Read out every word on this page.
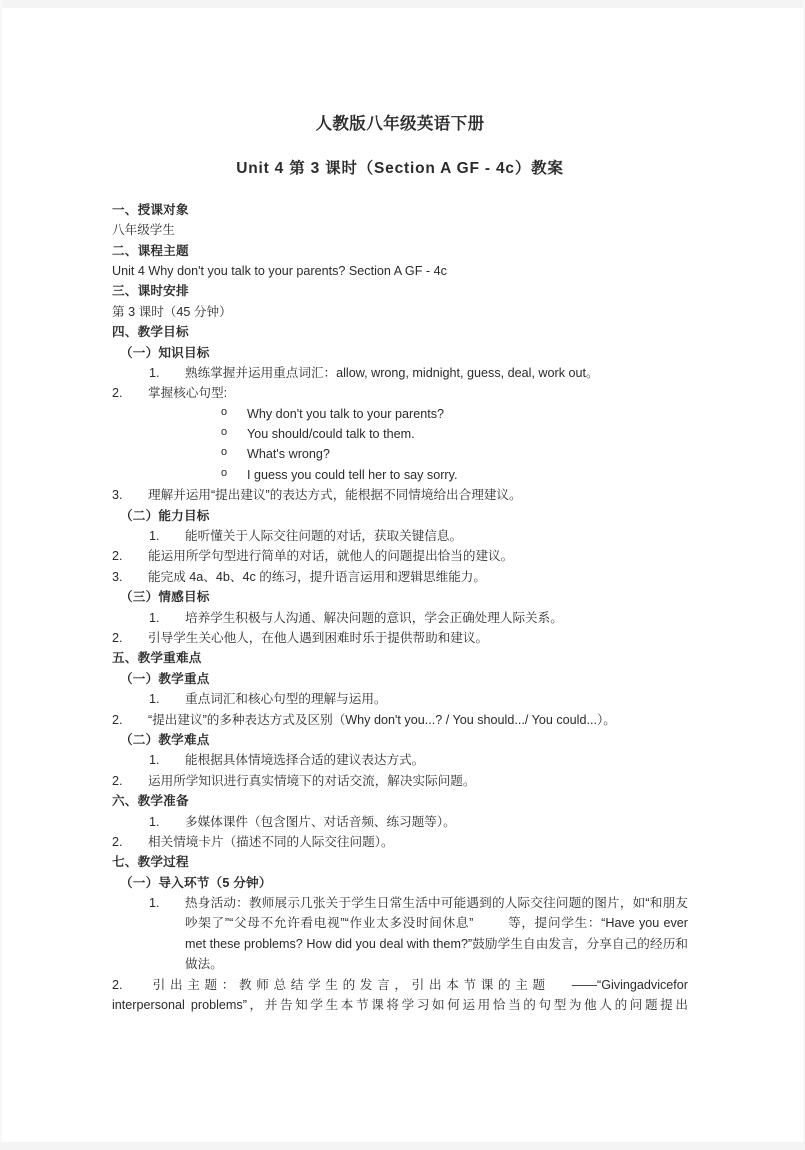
人教版八年级英语下册
Unit 4 第 3 课时（Section A GF - 4c）教案
一、授课对象
八年级学生
二、课程主题
Unit 4 Why don't you talk to your parents? Section A GF - 4c
三、课时安排
第 3 课时（45 分钟）
四、教学目标
（一）知识目标
1. 熟练掌握并运用重点词汇：allow, wrong, midnight, guess, deal, work out。
2. 掌握核心句型:
o Why don't you talk to your parents?
o You should/could talk to them.
o What's wrong?
o I guess you could tell her to say sorry.
3. 理解并运用“提出建议”的表达方式，能根据不同情境给出合理建议。
（二）能力目标
1. 能听懂关于人际交往问题的对话，获取关键信息。
2. 能运用所学句型进行简单的对话，就他人的问题提出恰当的建议。
3. 能完成 4a、4b、4c 的练习，提升语言运用和逻辑思维能力。
（三）情感目标
1. 培养学生积极与人沟通、解决问题的意识，学会正确处理人际关系。
2. 引导学生关心他人，在他人遇到困难时乐于提供帮助和建议。
五、教学重难点
（一）教学重点
1. 重点词汇和核心句型的理解与运用。
2. “提出建议”的多种表达方式及区别（Why don't you...? / You should.../ You could...）。
（二）教学难点
1. 能根据具体情境选择合适的建议表达方式。
2. 运用所学知识进行真实情境下的对话交流，解决实际问题。
六、教学准备
1. 多媒体课件（包含图片、对话音频、练习题等）。
2. 相关情境卡片（描述不同的人际交往问题）。
七、教学过程
（一）导入环节（5 分钟）
1. 热身活动：教师展示几张关于学生日常生活中可能遇到的人际交往问题的图片，如“和朋友吵架了”“父母不允许看电视”“作业太多没时间休息”	等，提问学生：“Have you ever met these problems? How did you deal with them?”鼓励学生自由发言，分享自己的经历和做法。
2. 引出主题：教师总结学生的发言，引出本节课的主题 ——“Givingadvicefor
interpersonal problems”，并告知学生本节课将学习如何运用恰当的句型为他人的问题提出
